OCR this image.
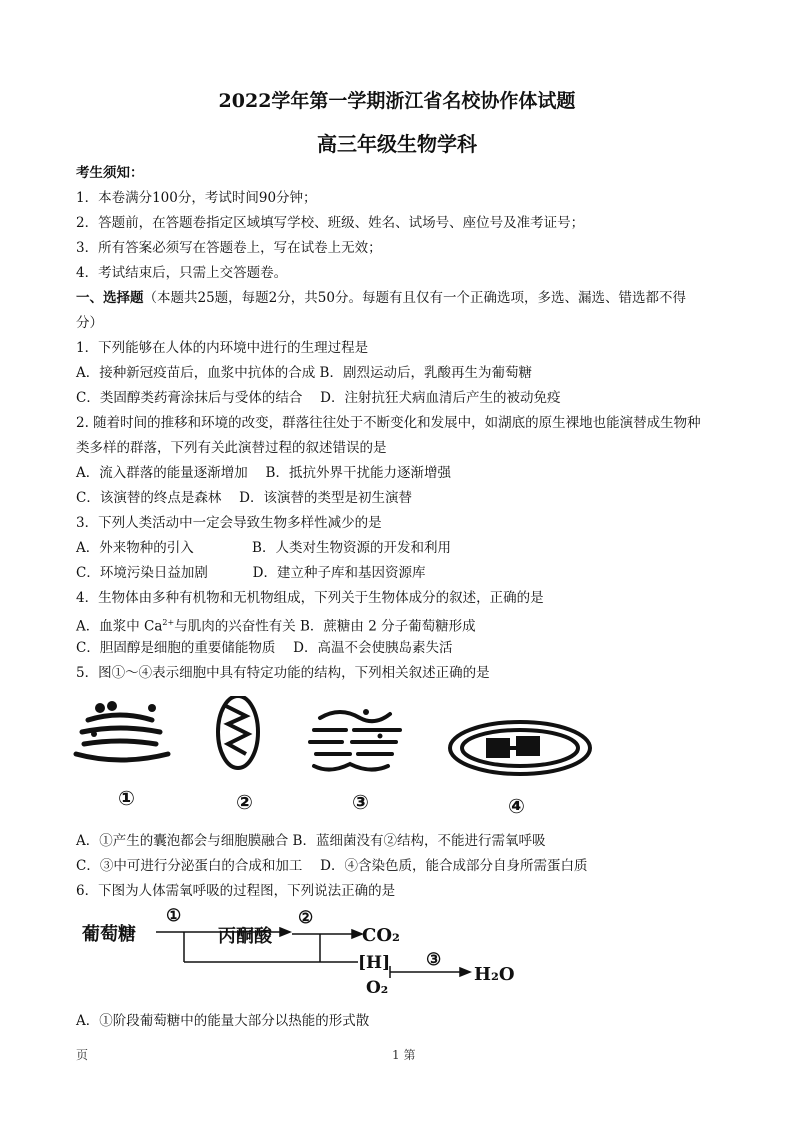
2022学年第一学期浙江省名校协作体试题
高三年级生物学科
考生须知：
1．本卷满分100分，考试时间90分钟；
2．答题前，在答题卷指定区域填写学校、班级、姓名、试场号、座位号及准考证号；
3．所有答案必须写在答题卷上，写在试卷上无效；
4．考试结束后，只需上交答题卷。
一、选择题（本题共25题，每题2分，共50分。每题有且仅有一个正确选项，多选、漏选、错选都不得
分）
1．下列能够在人体的内环境中进行的生理过程是
A．接种新冠疫苗后，血浆中抗体的合成 B．剧烈运动后，乳酸再生为葡萄糖
C．类固醇类药膏涂抹后与受体的结合　 D．注射抗狂犬病血清后产生的被动免疫
2. 随着时间的推移和环境的改变，群落往往处于不断变化和发展中，如湖底的原生裸地也能演替成生物种
类多样的群落，下列有关此演替过程的叙述错误的是
A．流入群落的能量逐渐增加　 B．抵抗外界干扰能力逐渐增强
C．该演替的终点是森林　 D．该演替的类型是初生演替
3．下列人类活动中一定会导致生物多样性减少的是
A．外来物种的引入　　　　 B．人类对生物资源的开发和利用
C．环境污染日益加剧　　　 D．建立种子库和基因资源库
4．生物体由多种有机物和无机物组成，下列关于生物体成分的叙述，正确的是
A．血浆中 $Ca^{2+}$与肌肉的兴奋性有关 B．蔗糖由 2 分子葡萄糖形成
C．胆固醇是细胞的重要储能物质　 D．高温不会使胰岛素失活
5．图①～④表示细胞中具有特定功能的结构，下列相关叙述正确的是
①	②	③	④
A．①产生的囊泡都会与细胞膜融合 B．蓝细菌没有②结构，不能进行需氧呼吸
C．③中可进行分泌蛋白的合成和加工　 D．④含染色质，能合成部分自身所需蛋白质
6．下图为人体需氧呼吸的过程图，下列说法正确的是
葡萄糖
①
丙酮酸
②
CO₂
[H] ③
O₂
H₂O
A．①阶段葡萄糖中的能量大部分以热能的形式散
页	1 第
